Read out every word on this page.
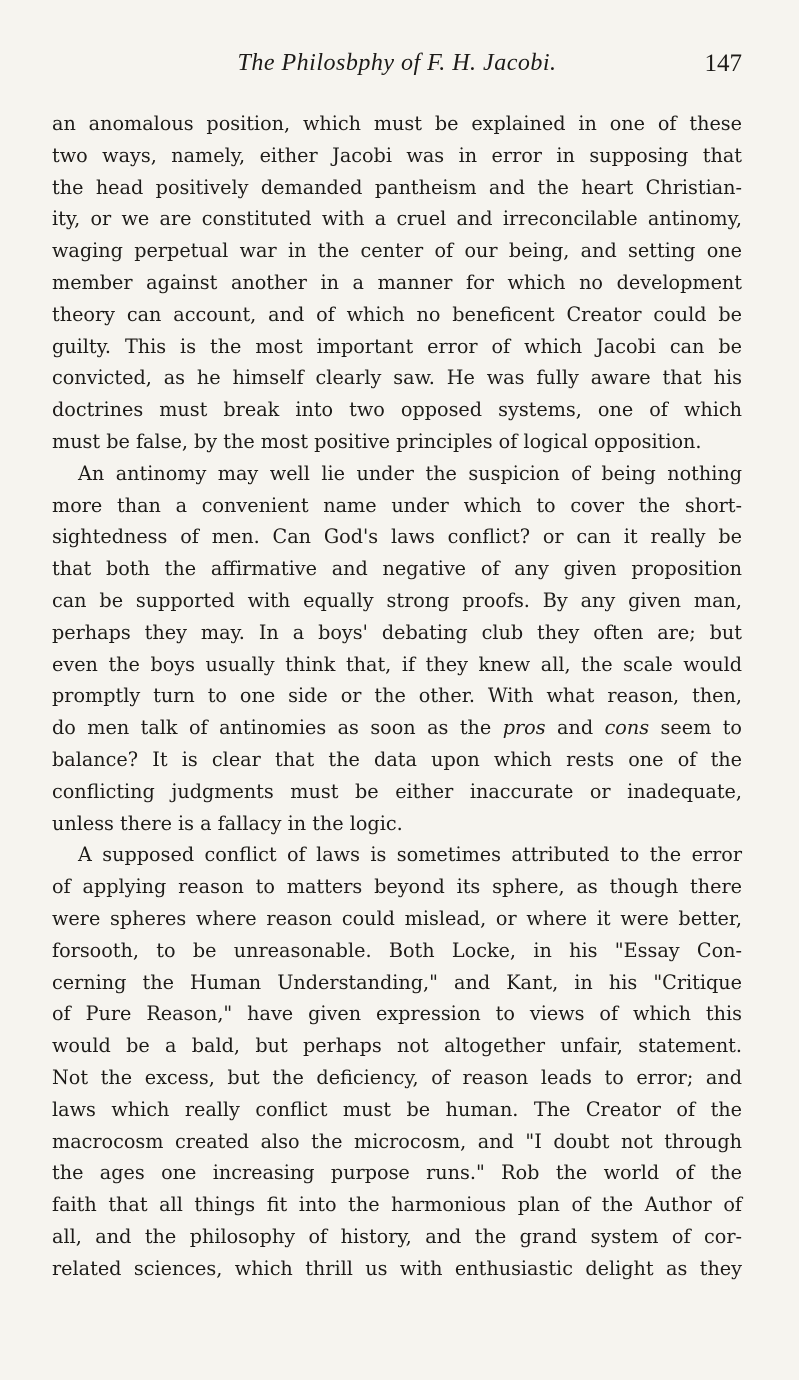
The Philosbphy of F. H. Jacobi.	147
an anomalous position, which must be explained in one of these
two ways, namely, either Jacobi was in error in supposing that
the head positively demanded pantheism and the heart Christian-
ity, or we are constituted with a cruel and irreconcilable antinomy,
waging perpetual war in the center of our being, and setting one
member against another in a manner for which no development
theory can account, and of which no beneficent Creator could be
guilty. This is the most important error of which Jacobi can be
convicted, as he himself clearly saw. He was fully aware that his
doctrines must break into two opposed systems, one of which
must be false, by the most positive principles of logical opposition.
An antinomy may well lie under the suspicion of being nothing
more than a convenient name under which to cover the short-
sightedness of men. Can God's laws conflict? or can it really be
that both the affirmative and negative of any given proposition
can be supported with equally strong proofs. By any given man,
perhaps they may. In a boys' debating club they often are; but
even the boys usually think that, if they knew all, the scale would
promptly turn to one side or the other. With what reason, then,
do men talk of antinomies as soon as the pros and cons seem to
balance? It is clear that the data upon which rests one of the
conflicting judgments must be either inaccurate or inadequate,
unless there is a fallacy in the logic.
A supposed conflict of laws is sometimes attributed to the error
of applying reason to matters beyond its sphere, as though there
were spheres where reason could mislead, or where it were better,
forsooth, to be unreasonable. Both Locke, in his "Essay Con-
cerning the Human Understanding," and Kant, in his "Critique
of Pure Reason," have given expression to views of which this
would be a bald, but perhaps not altogether unfair, statement.
Not the excess, but the deficiency, of reason leads to error; and
laws which really conflict must be human. The Creator of the
macrocosm created also the microcosm, and "I doubt not through
the ages one increasing purpose runs." Rob the world of the
faith that all things fit into the harmonious plan of the Author of
all, and the philosophy of history, and the grand system of cor-
related sciences, which thrill us with enthusiastic delight as they
